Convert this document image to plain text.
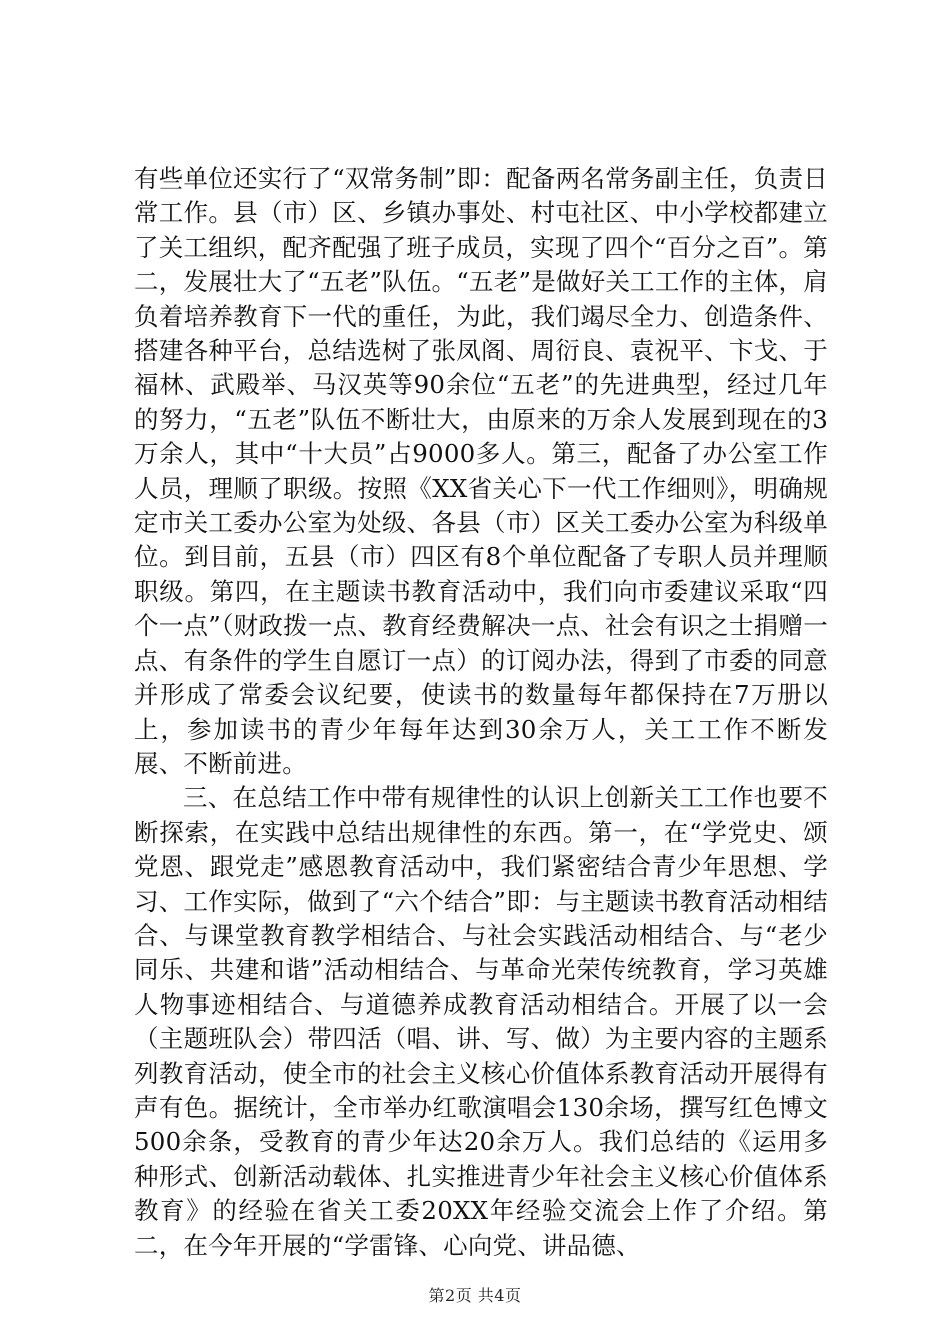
有些单位还实行了“双常务制”即：配备两名常务副主任，负责日常工作。县（市）区、乡镇办事处、村屯社区、中小学校都建立了关工组织，配齐配强了班子成员，实现了四个“百分之百”。第二，发展壮大了“五老”队伍。“五老”是做好关工工作的主体，肩负着培养教育下一代的重任，为此，我们竭尽全力、创造条件、搭建各种平台，总结选树了张凤阁、周衍良、袁祝平、卞戈、于福林、武殿举、马汉英等90余位“五老”的先进典型，经过几年的努力，“五老”队伍不断壮大，由原来的万余人发展到现在的3万余人，其中“十大员”占9000多人。第三，配备了办公室工作人员，理顺了职级。按照《XX省关心下一代工作细则》，明确规定市关工委办公室为处级、各县（市）区关工委办公室为科级单位。到目前，五县（市）四区有8个单位配备了专职人员并理顺职级。第四，在主题读书教育活动中，我们向市委建议采取“四个一点”（财政拨一点、教育经费解决一点、社会有识之士捐赠一点、有条件的学生自愿订一点）的订阅办法，得到了市委的同意并形成了常委会议纪要，使读书的数量每年都保持在7万册以上，参加读书的青少年每年达到30余万人，关工工作不断发展、不断前进。

三、在总结工作中带有规律性的认识上创新关工工作也要不断探索，在实践中总结出规律性的东西。第一，在“学党史、颂党恩、跟党走”感恩教育活动中，我们紧密结合青少年思想、学习、工作实际，做到了“六个结合”即：与主题读书教育活动相结合、与课堂教育教学相结合、与社会实践活动相结合、与“老少同乐、共建和谐”活动相结合、与革命光荣传统教育，学习英雄人物事迹相结合、与道德养成教育活动相结合。开展了以一会（主题班队会）带四活（唱、讲、写、做）为主要内容的主题系列教育活动，使全市的社会主义核心价值体系教育活动开展得有声有色。据统计，全市举办红歌演唱会130余场，撰写红色博文500余条，受教育的青少年达20余万人。我们总结的《运用多种形式、创新活动载体、扎实推进青少年社会主义核心价值体系教育》的经验在省关工委20XX年经验交流会上作了介绍。第二，在今年开展的“学雷锋、心向党、讲品德、

第2页 共4页
